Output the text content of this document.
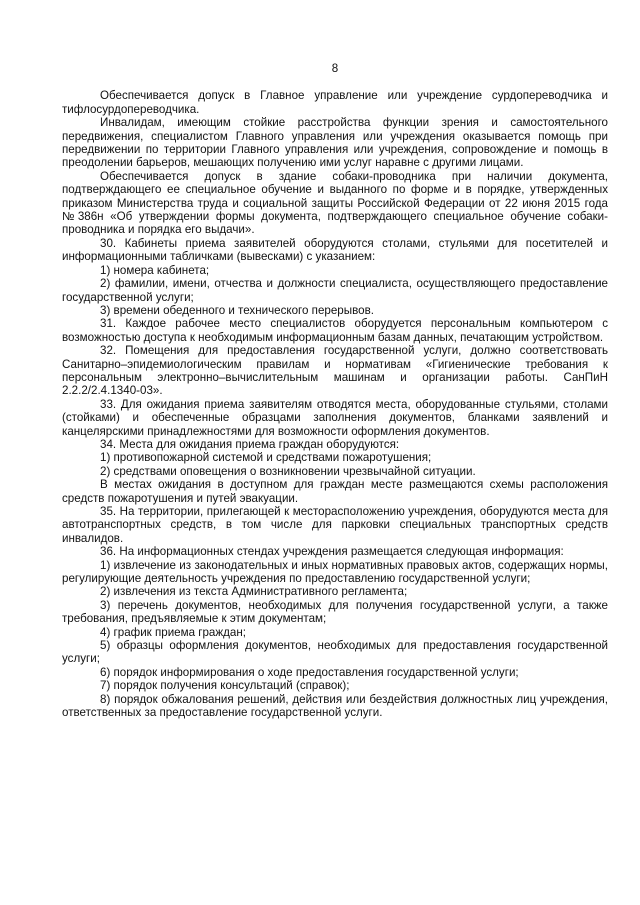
8

Обеспечивается допуск в Главное управление или учреждение сурдопереводчика и тифлосурдопереводчика.

Инвалидам, имеющим стойкие расстройства функции зрения и самостоятельного передвижения, специалистом Главного управления или учреждения оказывается помощь при передвижении по территории Главного управления или учреждения, сопровождение и помощь в преодолении барьеров, мешающих получению ими услуг наравне с другими лицами.

Обеспечивается допуск в здание собаки-проводника при наличии документа, подтверждающего ее специальное обучение и выданного по форме и в порядке, утвержденных приказом Министерства труда и социальной защиты Российской Федерации от 22 июня 2015 года №386н «Об утверждении формы документа, подтверждающего специальное обучение собаки-проводника и порядка его выдачи».

30. Кабинеты приема заявителей оборудуются столами, стульями для посетителей и информационными табличками (вывесками) с указанием:

1) номера кабинета;

2) фамилии, имени, отчества и должности специалиста, осуществляющего предоставление государственной услуги;

3) времени обеденного и технического перерывов.

31. Каждое рабочее место специалистов оборудуется персональным компьютером с возможностью доступа к необходимым информационным базам данных, печатающим устройством.

32. Помещения для предоставления государственной услуги, должно соответствовать Санитарно–эпидемиологическим правилам и нормативам «Гигиенические требования к персональным электронно–вычислительным машинам и организации работы. СанПиН 2.2.2/2.4.1340-03».

33. Для ожидания приема заявителям отводятся места, оборудованные стульями, столами (стойками) и обеспеченные образцами заполнения документов, бланками заявлений и канцелярскими принадлежностями для возможности оформления документов.

34. Места для ожидания приема граждан оборудуются:

1) противопожарной системой и средствами пожаротушения;

2) средствами оповещения о возникновении чрезвычайной ситуации.

В местах ожидания в доступном для граждан месте размещаются схемы расположения средств пожаротушения и путей эвакуации.

35. На территории, прилегающей к месторасположению учреждения, оборудуются места для автотранспортных средств, в том числе для парковки специальных транспортных средств инвалидов.

36. На информационных стендах учреждения размещается следующая информация:

1) извлечение из законодательных и иных нормативных правовых актов, содержащих нормы, регулирующие деятельность учреждения по предоставлению государственной услуги;

2) извлечения из текста Административного регламента;

3) перечень документов, необходимых для получения государственной услуги, а также требования, предъявляемые к этим документам;

4) график приема граждан;

5) образцы оформления документов, необходимых для предоставления государственной услуги;

6) порядок информирования о ходе предоставления государственной услуги;

7) порядок получения консультаций (справок);

8) порядок обжалования решений, действия или бездействия должностных лиц учреждения, ответственных за предоставление государственной услуги.
